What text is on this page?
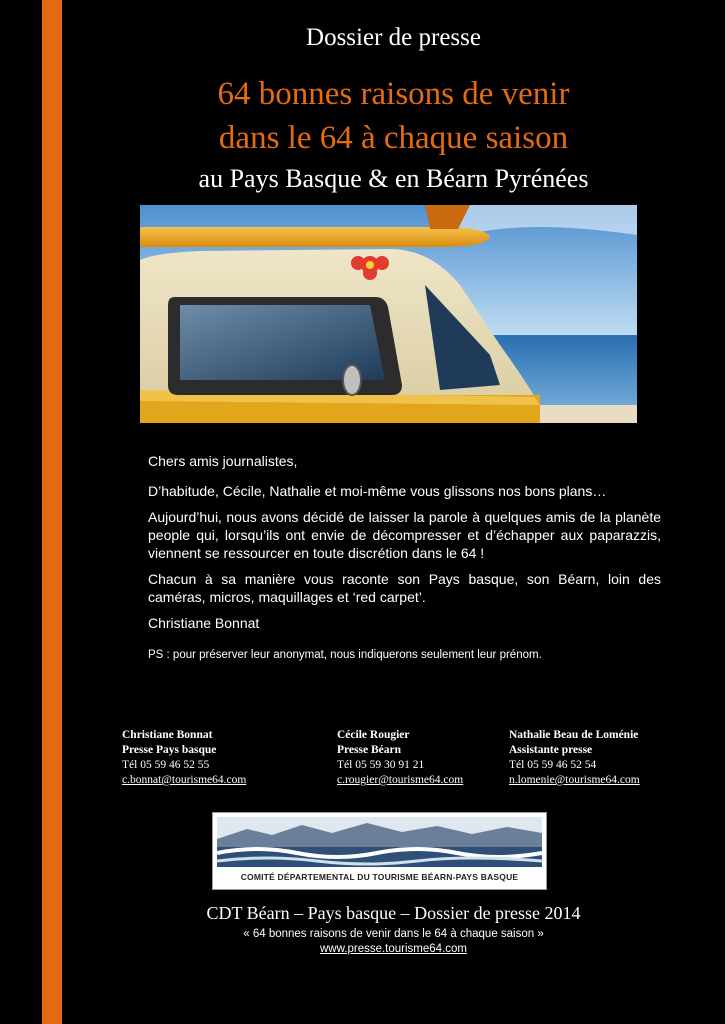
Dossier de presse
64 bonnes raisons de venir
dans le 64 à chaque saison
au Pays Basque & en Béarn Pyrénées

Chers amis journalistes,

D’habitude, Cécile, Nathalie et moi-même vous glissons nos bons plans…

Aujourd’hui, nous avons décidé de laisser la parole à quelques amis de la planète people qui, lorsqu’ils ont envie de décompresser et d’échapper aux paparazzis, viennent se ressourcer en toute discrétion dans le 64 !

Chacun à sa manière vous raconte son Pays basque, son Béarn, loin des caméras, micros, maquillages et ‘red carpet’.

Christiane Bonnat

PS : pour préserver leur anonymat, nous indiquerons seulement leur prénom.

Christiane Bonnat
Presse Pays basque
Tél 05 59 46 52 55
c.bonnat@tourisme64.com
Cécile Rougier
Presse Béarn
Tél 05 59 30 91 21
c.rougier@tourisme64.com
Nathalie Beau de Loménie
Assistante presse
Tél 05 59 46 52 54
n.lomenie@tourisme64.com
COMITÉ DÉPARTEMENTAL DU TOURISME BÉARN-PAYS BASQUE
CDT Béarn – Pays basque – Dossier de presse 2014
« 64 bonnes raisons de venir dans le 64 à chaque saison »
www.presse.tourisme64.com
